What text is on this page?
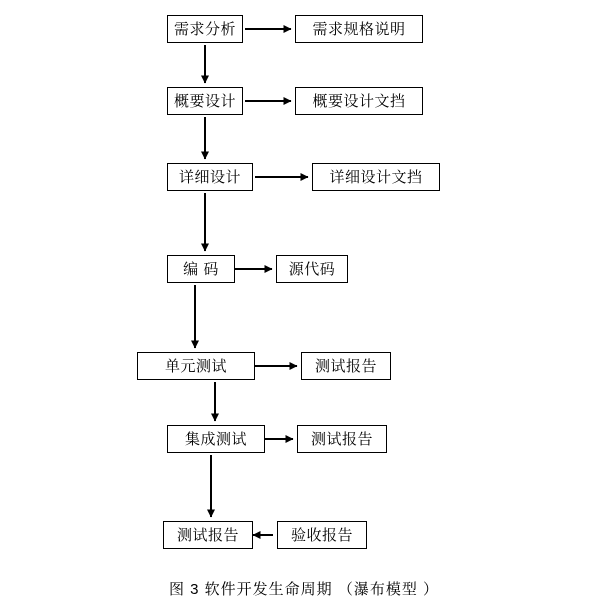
需求分析	需求规格说明
概要设计	概要设计文挡
详细设计	详细设计文挡
编 码	源代码
单元测试	测试报告
集成测试	测试报告
测试报告	验收报告
图 3 软件开发生命周期 （瀑布模型 ）
